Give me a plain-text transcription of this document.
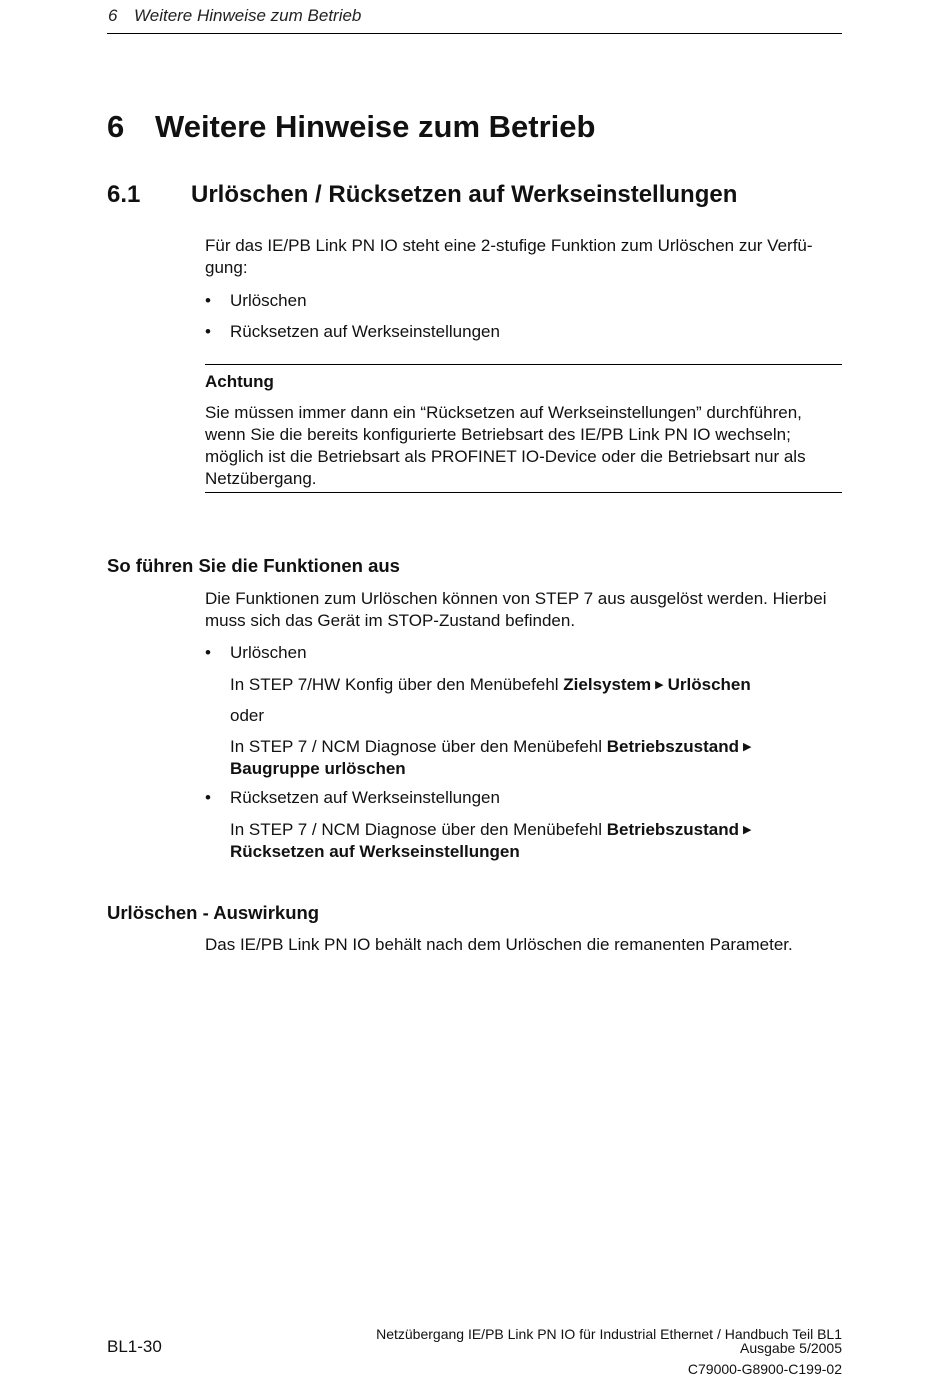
6 Weitere Hinweise zum Betrieb
6 Weitere Hinweise zum Betrieb
6.1 Urlöschen / Rücksetzen auf Werkseinstellungen
Für das IE/PB Link PN IO steht eine 2-stufige Funktion zum Urlöschen zur Verfü-
gung:
• Urlöschen
• Rücksetzen auf Werkseinstellungen
Achtung
Sie müssen immer dann ein “Rücksetzen auf Werkseinstellungen” durchführen,
wenn Sie die bereits konfigurierte Betriebsart des IE/PB Link PN IO wechseln;
möglich ist die Betriebsart als PROFINET IO-Device oder die Betriebsart nur als
Netzübergang.
So führen Sie die Funktionen aus
Die Funktionen zum Urlöschen können von STEP 7 aus ausgelöst werden. Hierbei
muss sich das Gerät im STOP-Zustand befinden.
• Urlöschen
In STEP 7/HW Konfig über den Menübefehl Zielsystem ▶ Urlöschen
oder
In STEP 7 / NCM Diagnose über den Menübefehl Betriebszustand ▶
Baugruppe urlöschen
• Rücksetzen auf Werkseinstellungen
In STEP 7 / NCM Diagnose über den Menübefehl Betriebszustand ▶
Rücksetzen auf Werkseinstellungen
Urlöschen - Auswirkung
Das IE/PB Link PN IO behält nach dem Urlöschen die remanenten Parameter.
BL1-30
Netzübergang IE/PB Link PN IO für Industrial Ethernet / Handbuch Teil BL1
Ausgabe 5/2005
C79000-G8900-C199-02
